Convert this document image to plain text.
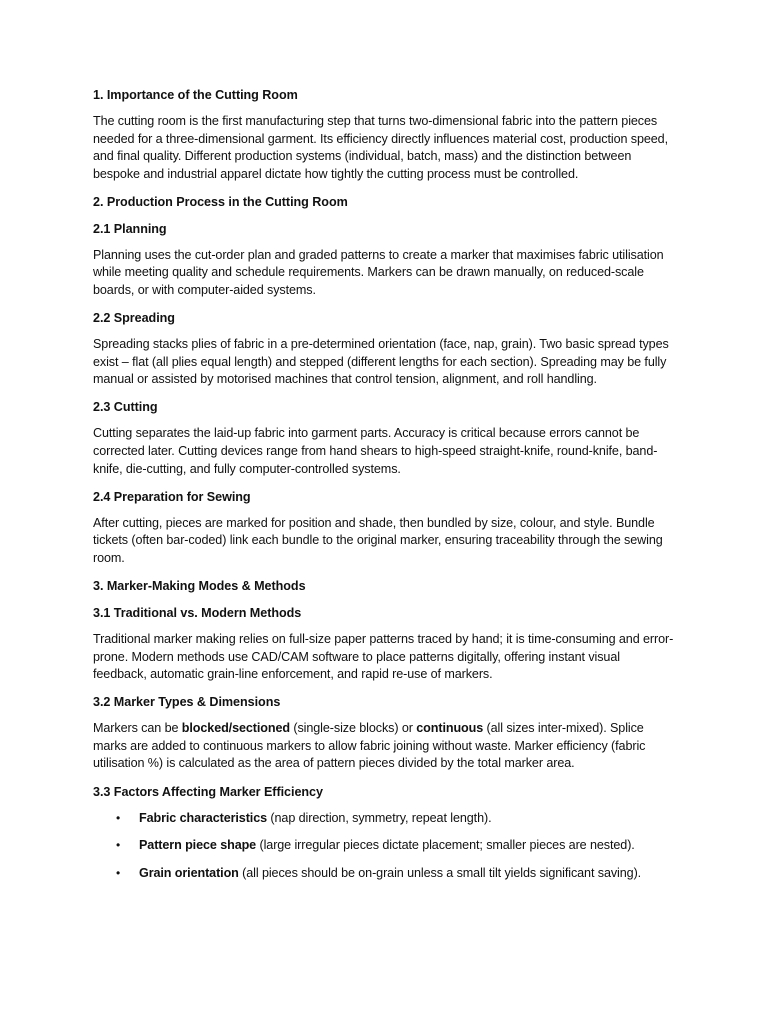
1. Importance of the Cutting Room
The cutting room is the first manufacturing step that turns two-dimensional fabric into the pattern pieces needed for a three-dimensional garment. Its efficiency directly influences material cost, production speed, and final quality. Different production systems (individual, batch, mass) and the distinction between bespoke and industrial apparel dictate how tightly the cutting process must be controlled.
2. Production Process in the Cutting Room
2.1 Planning
Planning uses the cut-order plan and graded patterns to create a marker that maximises fabric utilisation while meeting quality and schedule requirements. Markers can be drawn manually, on reduced-scale boards, or with computer-aided systems.
2.2 Spreading
Spreading stacks plies of fabric in a pre-determined orientation (face, nap, grain). Two basic spread types exist – flat (all plies equal length) and stepped (different lengths for each section). Spreading may be fully manual or assisted by motorised machines that control tension, alignment, and roll handling.
2.3 Cutting
Cutting separates the laid-up fabric into garment parts. Accuracy is critical because errors cannot be corrected later. Cutting devices range from hand shears to high-speed straight-knife, round-knife, band-knife, die-cutting, and fully computer-controlled systems.
2.4 Preparation for Sewing
After cutting, pieces are marked for position and shade, then bundled by size, colour, and style. Bundle tickets (often bar-coded) link each bundle to the original marker, ensuring traceability through the sewing room.
3. Marker-Making Modes & Methods
3.1 Traditional vs. Modern Methods
Traditional marker making relies on full-size paper patterns traced by hand; it is time-consuming and error-prone. Modern methods use CAD/CAM software to place patterns digitally, offering instant visual feedback, automatic grain-line enforcement, and rapid re-use of markers.
3.2 Marker Types & Dimensions
Markers can be blocked/sectioned (single-size blocks) or continuous (all sizes inter-mixed). Splice marks are added to continuous markers to allow fabric joining without waste. Marker efficiency (fabric utilisation %) is calculated as the area of pattern pieces divided by the total marker area.
3.3 Factors Affecting Marker Efficiency
• Fabric characteristics (nap direction, symmetry, repeat length).
• Pattern piece shape (large irregular pieces dictate placement; smaller pieces are nested).
• Grain orientation (all pieces should be on-grain unless a small tilt yields significant saving).
